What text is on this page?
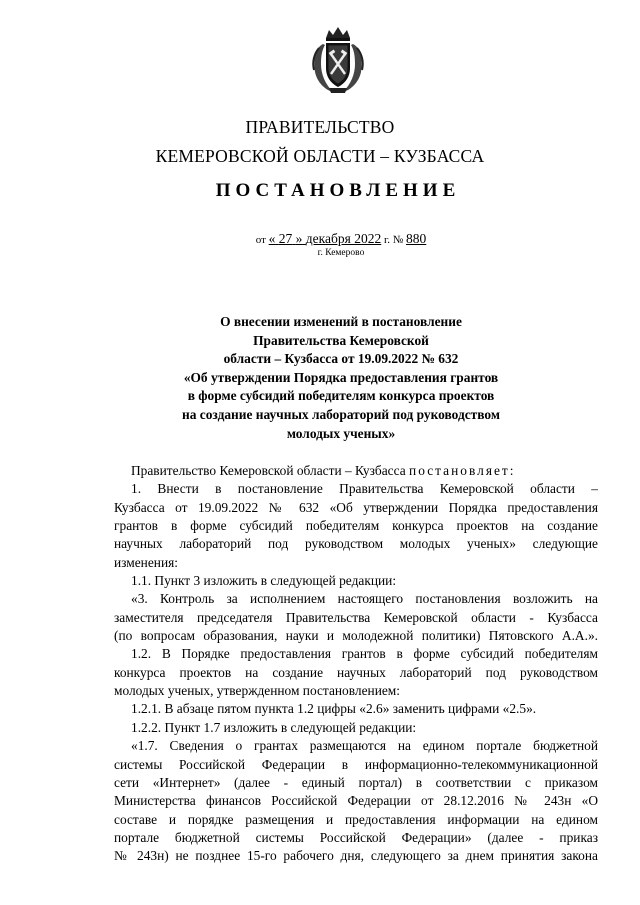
ПРАВИТЕЛЬСТВО
КЕМЕРОВСКОЙ ОБЛАСТИ – КУЗБАССА
ПОСТАНОВЛЕНИЕ
от « 27 » декабря 2022 г. № 880
г. Кемерово
О внесении изменений в постановление
Правительства Кемеровской
области – Кузбасса от 19.09.2022 № 632
«Об утверждении Порядка предоставления грантов
в форме субсидий победителям конкурса проектов
на создание научных лабораторий под руководством
молодых ученых»
Правительство Кемеровской области – Кузбасса постановляет:
1. Внести в постановление Правительства Кемеровской области –
Кузбасса от 19.09.2022 № 632 «Об утверждении Порядка предоставления
грантов в форме субсидий победителям конкурса проектов на создание
научных лабораторий под руководством молодых ученых» следующие
изменения:
1.1. Пункт 3 изложить в следующей редакции:
«3. Контроль за исполнением настоящего постановления возложить на
заместителя председателя Правительства Кемеровской области - Кузбасса
(по вопросам образования, науки и молодежной политики) Пятовского А.А.».
1.2. В Порядке предоставления грантов в форме субсидий победителям
конкурса проектов на создание научных лабораторий под руководством
молодых ученых, утвержденном постановлением:
1.2.1. В абзаце пятом пункта 1.2 цифры «2.6» заменить цифрами «2.5».
1.2.2. Пункт 1.7 изложить в следующей редакции:
«1.7. Сведения о грантах размещаются на едином портале бюджетной
системы Российской Федерации в информационно-телекоммуникационной
сети «Интернет» (далее - единый портал) в соответствии с приказом
Министерства финансов Российской Федерации от 28.12.2016 № 243н «О
составе и порядке размещения и предоставления информации на едином
портале бюджетной системы Российской Федерации» (далее - приказ
№ 243н) не позднее 15-го рабочего дня, следующего за днем принятия закона
